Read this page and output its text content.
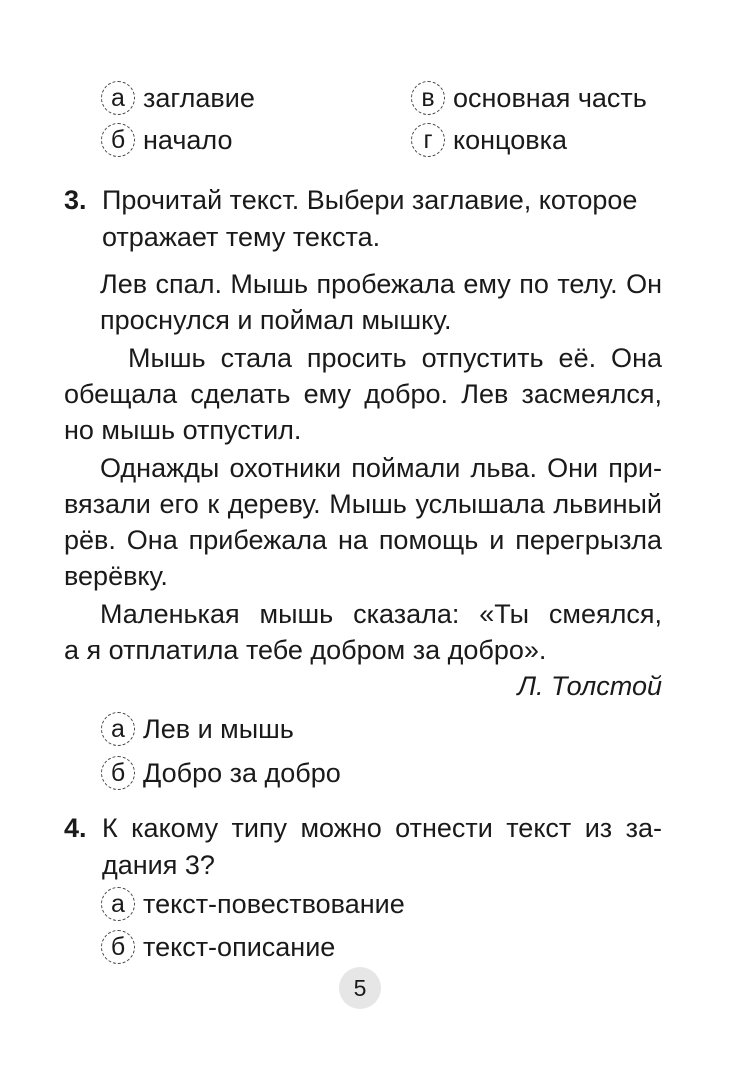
а заглавие	в основная часть
б начало	г концовка
3. Прочитай текст. Выбери заглавие, которое
отражает тему текста.
Лев спал. Мышь пробежала ему по телу. Он
проснулся и поймал мышку.
Мышь стала просить отпустить её. Она
обещала сделать ему добро. Лев засмеялся,
но мышь отпустил.
Однажды охотники поймали льва. Они при-
вязали его к дереву. Мышь услышала львиный
рёв. Она прибежала на помощь и перегрызла
верёвку.
Маленькая мышь сказала: «Ты смеялся,
а я отплатила тебе добром за добро».
Л. Толстой
а Лев и мышь
б Добро за добро
4. К какому типу можно отнести текст из за-
дания 3?
а текст-повествование
б текст-описание
5
